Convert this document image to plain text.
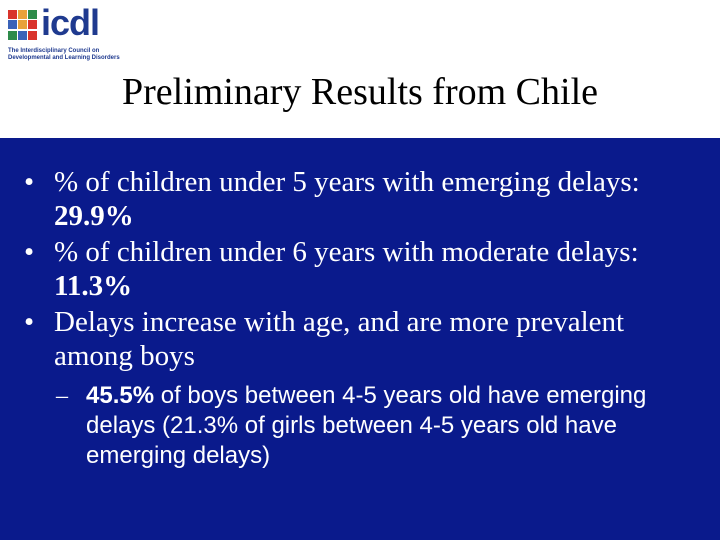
icdl
The Interdisciplinary Council on
Developmental and Learning Disorders
Preliminary Results from Chile
• % of children under 5 years with emerging delays: 29.9%
• % of children under 6 years with moderate delays: 11.3%
• Delays increase with age, and are more prevalent among boys
– 45.5% of boys between 4-5 years old have emerging delays (21.3% of girls between 4-5 years old have emerging delays)
